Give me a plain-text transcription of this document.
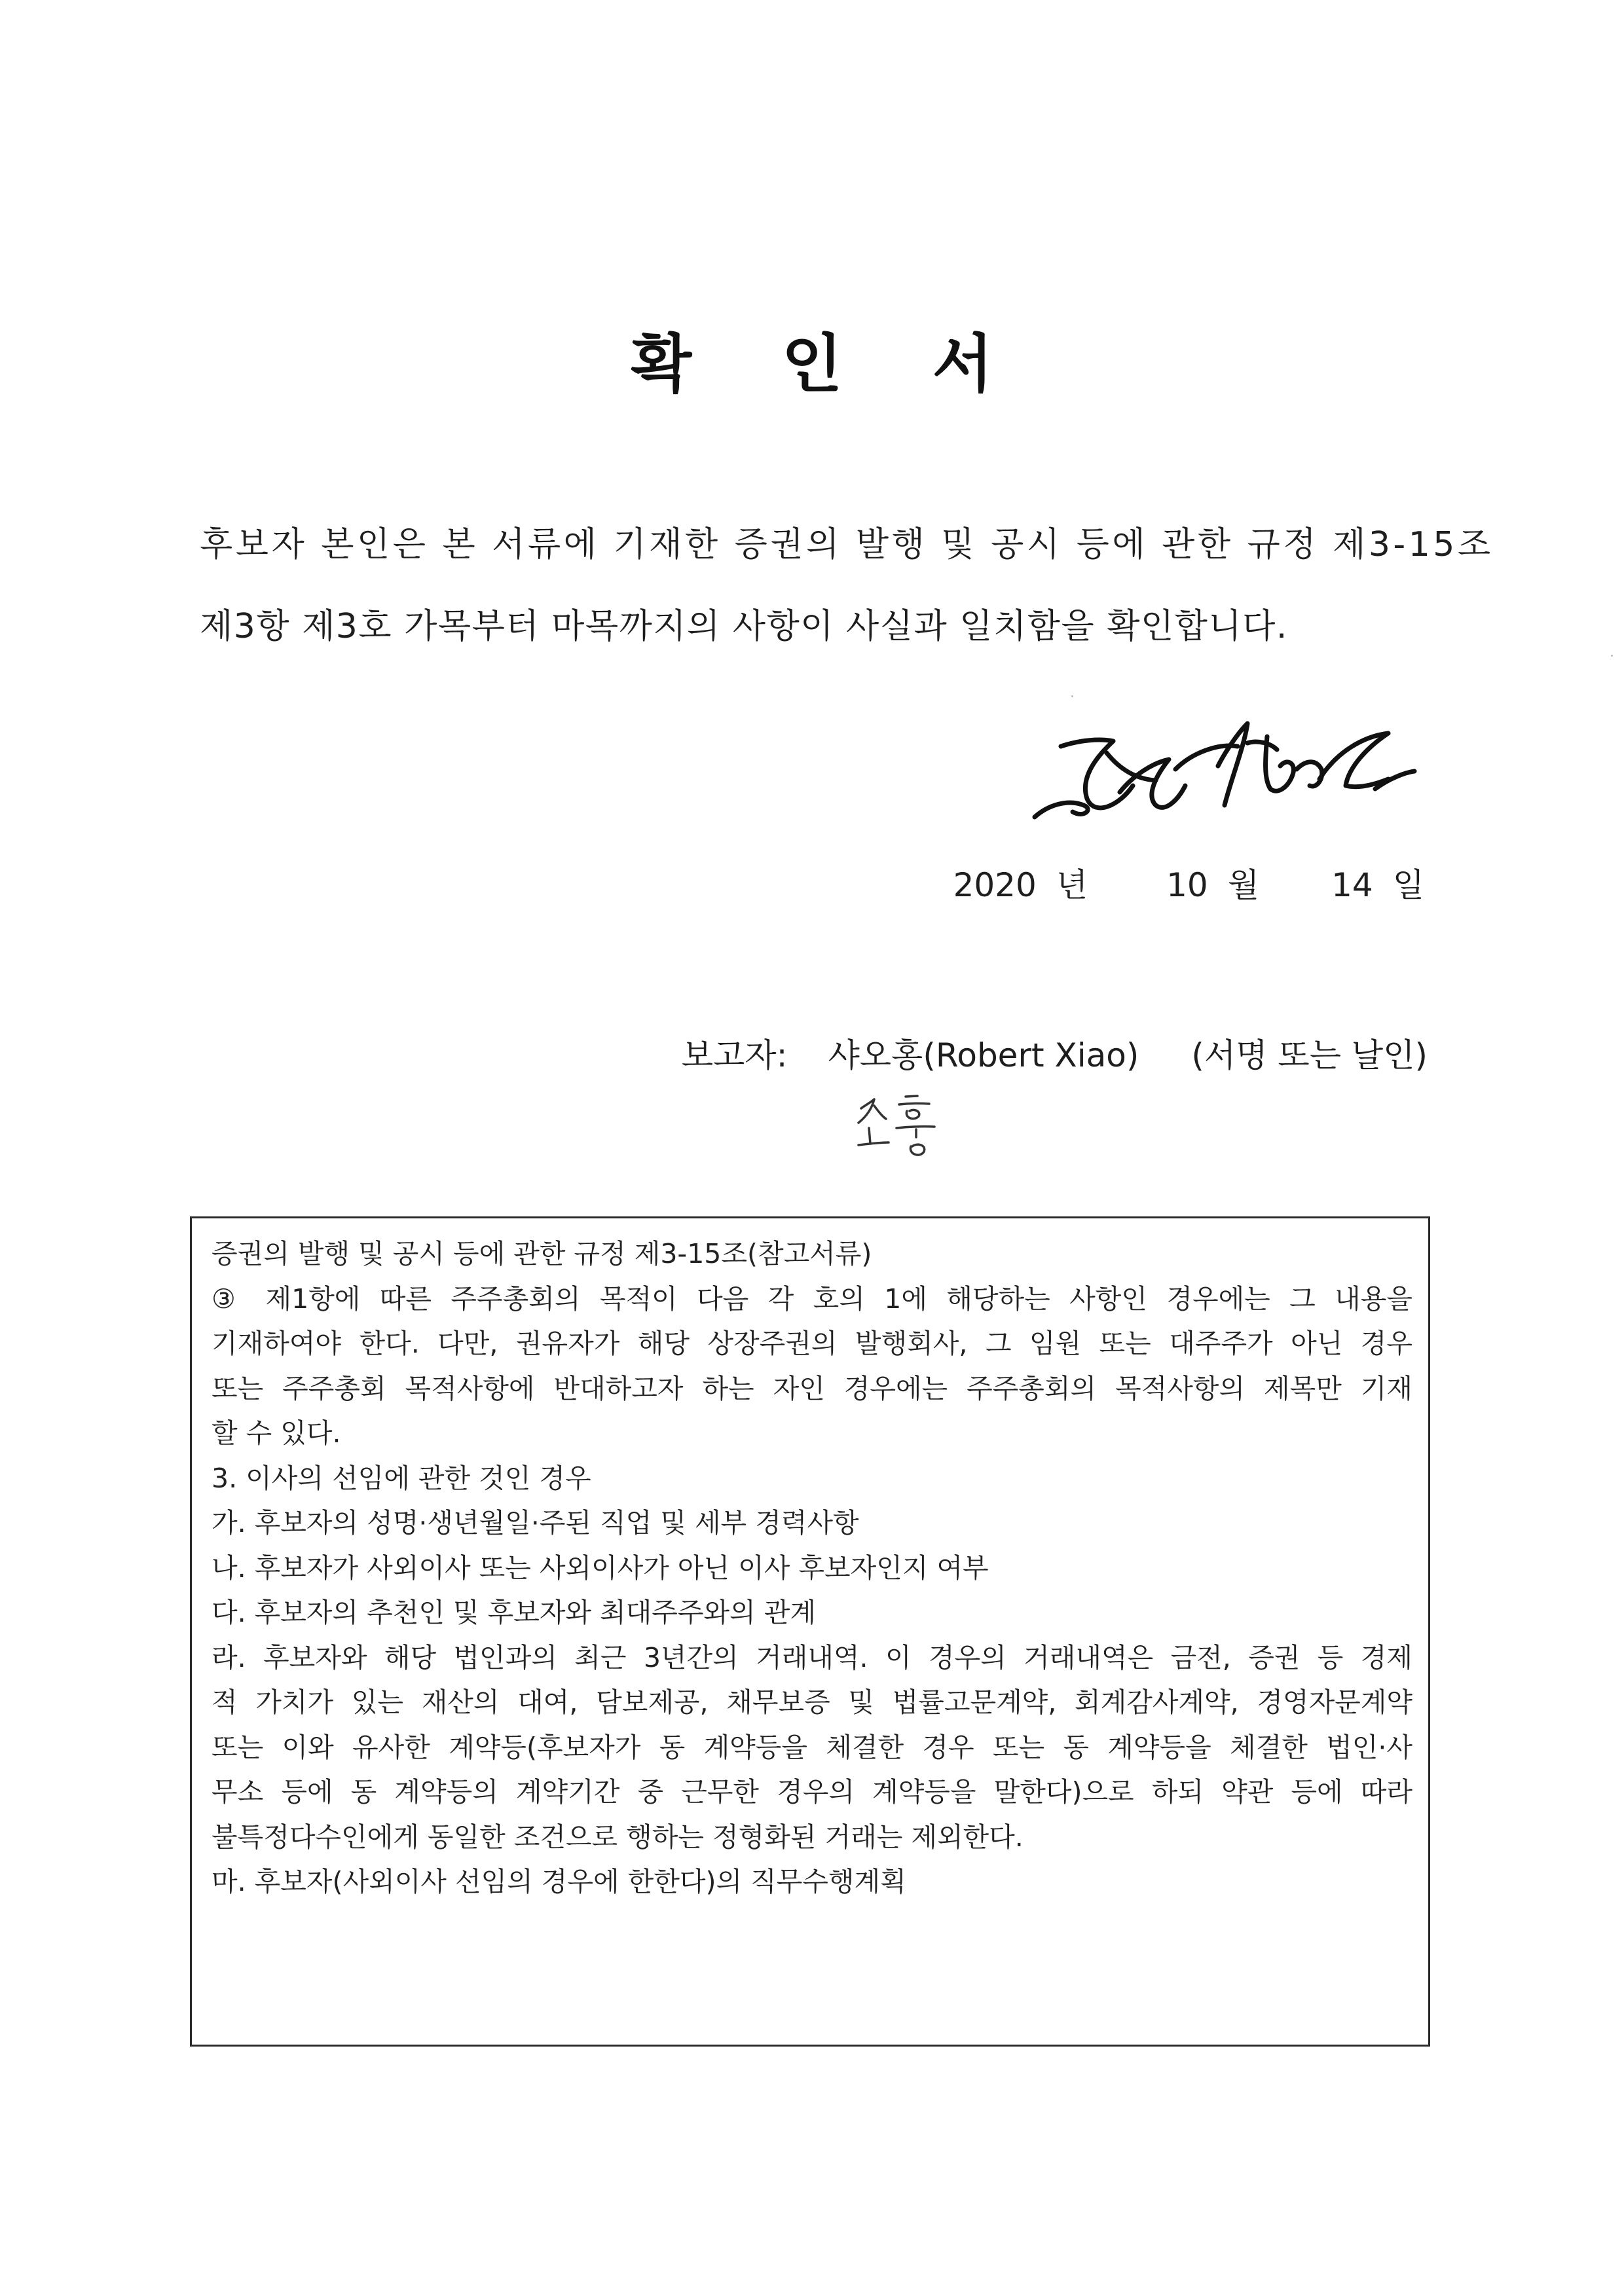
확 인 서
후보자 본인은 본 서류에 기재한 증권의 발행 및 공시 등에 관한 규정 제3-15조
제3항 제3호 가목부터 마목까지의 사항이 사실과 일치함을 확인합니다.
2020 년 10 월 14 일
보고자: 샤오홍(Robert Xiao) (서명 또는 날인)
증권의 발행 및 공시 등에 관한 규정 제3-15조(참고서류)
③ 제1항에 따른 주주총회의 목적이 다음 각 호의 1에 해당하는 사항인 경우에는 그 내용을
기재하여야 한다. 다만, 권유자가 해당 상장주권의 발행회사, 그 임원 또는 대주주가 아닌 경우
또는 주주총회 목적사항에 반대하고자 하는 자인 경우에는 주주총회의 목적사항의 제목만 기재
할 수 있다.
3. 이사의 선임에 관한 것인 경우
가. 후보자의 성명·생년월일·주된 직업 및 세부 경력사항
나. 후보자가 사외이사 또는 사외이사가 아닌 이사 후보자인지 여부
다. 후보자의 추천인 및 후보자와 최대주주와의 관계
라. 후보자와 해당 법인과의 최근 3년간의 거래내역. 이 경우의 거래내역은 금전, 증권 등 경제
적 가치가 있는 재산의 대여, 담보제공, 채무보증 및 법률고문계약, 회계감사계약, 경영자문계약
또는 이와 유사한 계약등(후보자가 동 계약등을 체결한 경우 또는 동 계약등을 체결한 법인·사
무소 등에 동 계약등의 계약기간 중 근무한 경우의 계약등을 말한다)으로 하되 약관 등에 따라
불특정다수인에게 동일한 조건으로 행하는 정형화된 거래는 제외한다.
마. 후보자(사외이사 선임의 경우에 한한다)의 직무수행계획
